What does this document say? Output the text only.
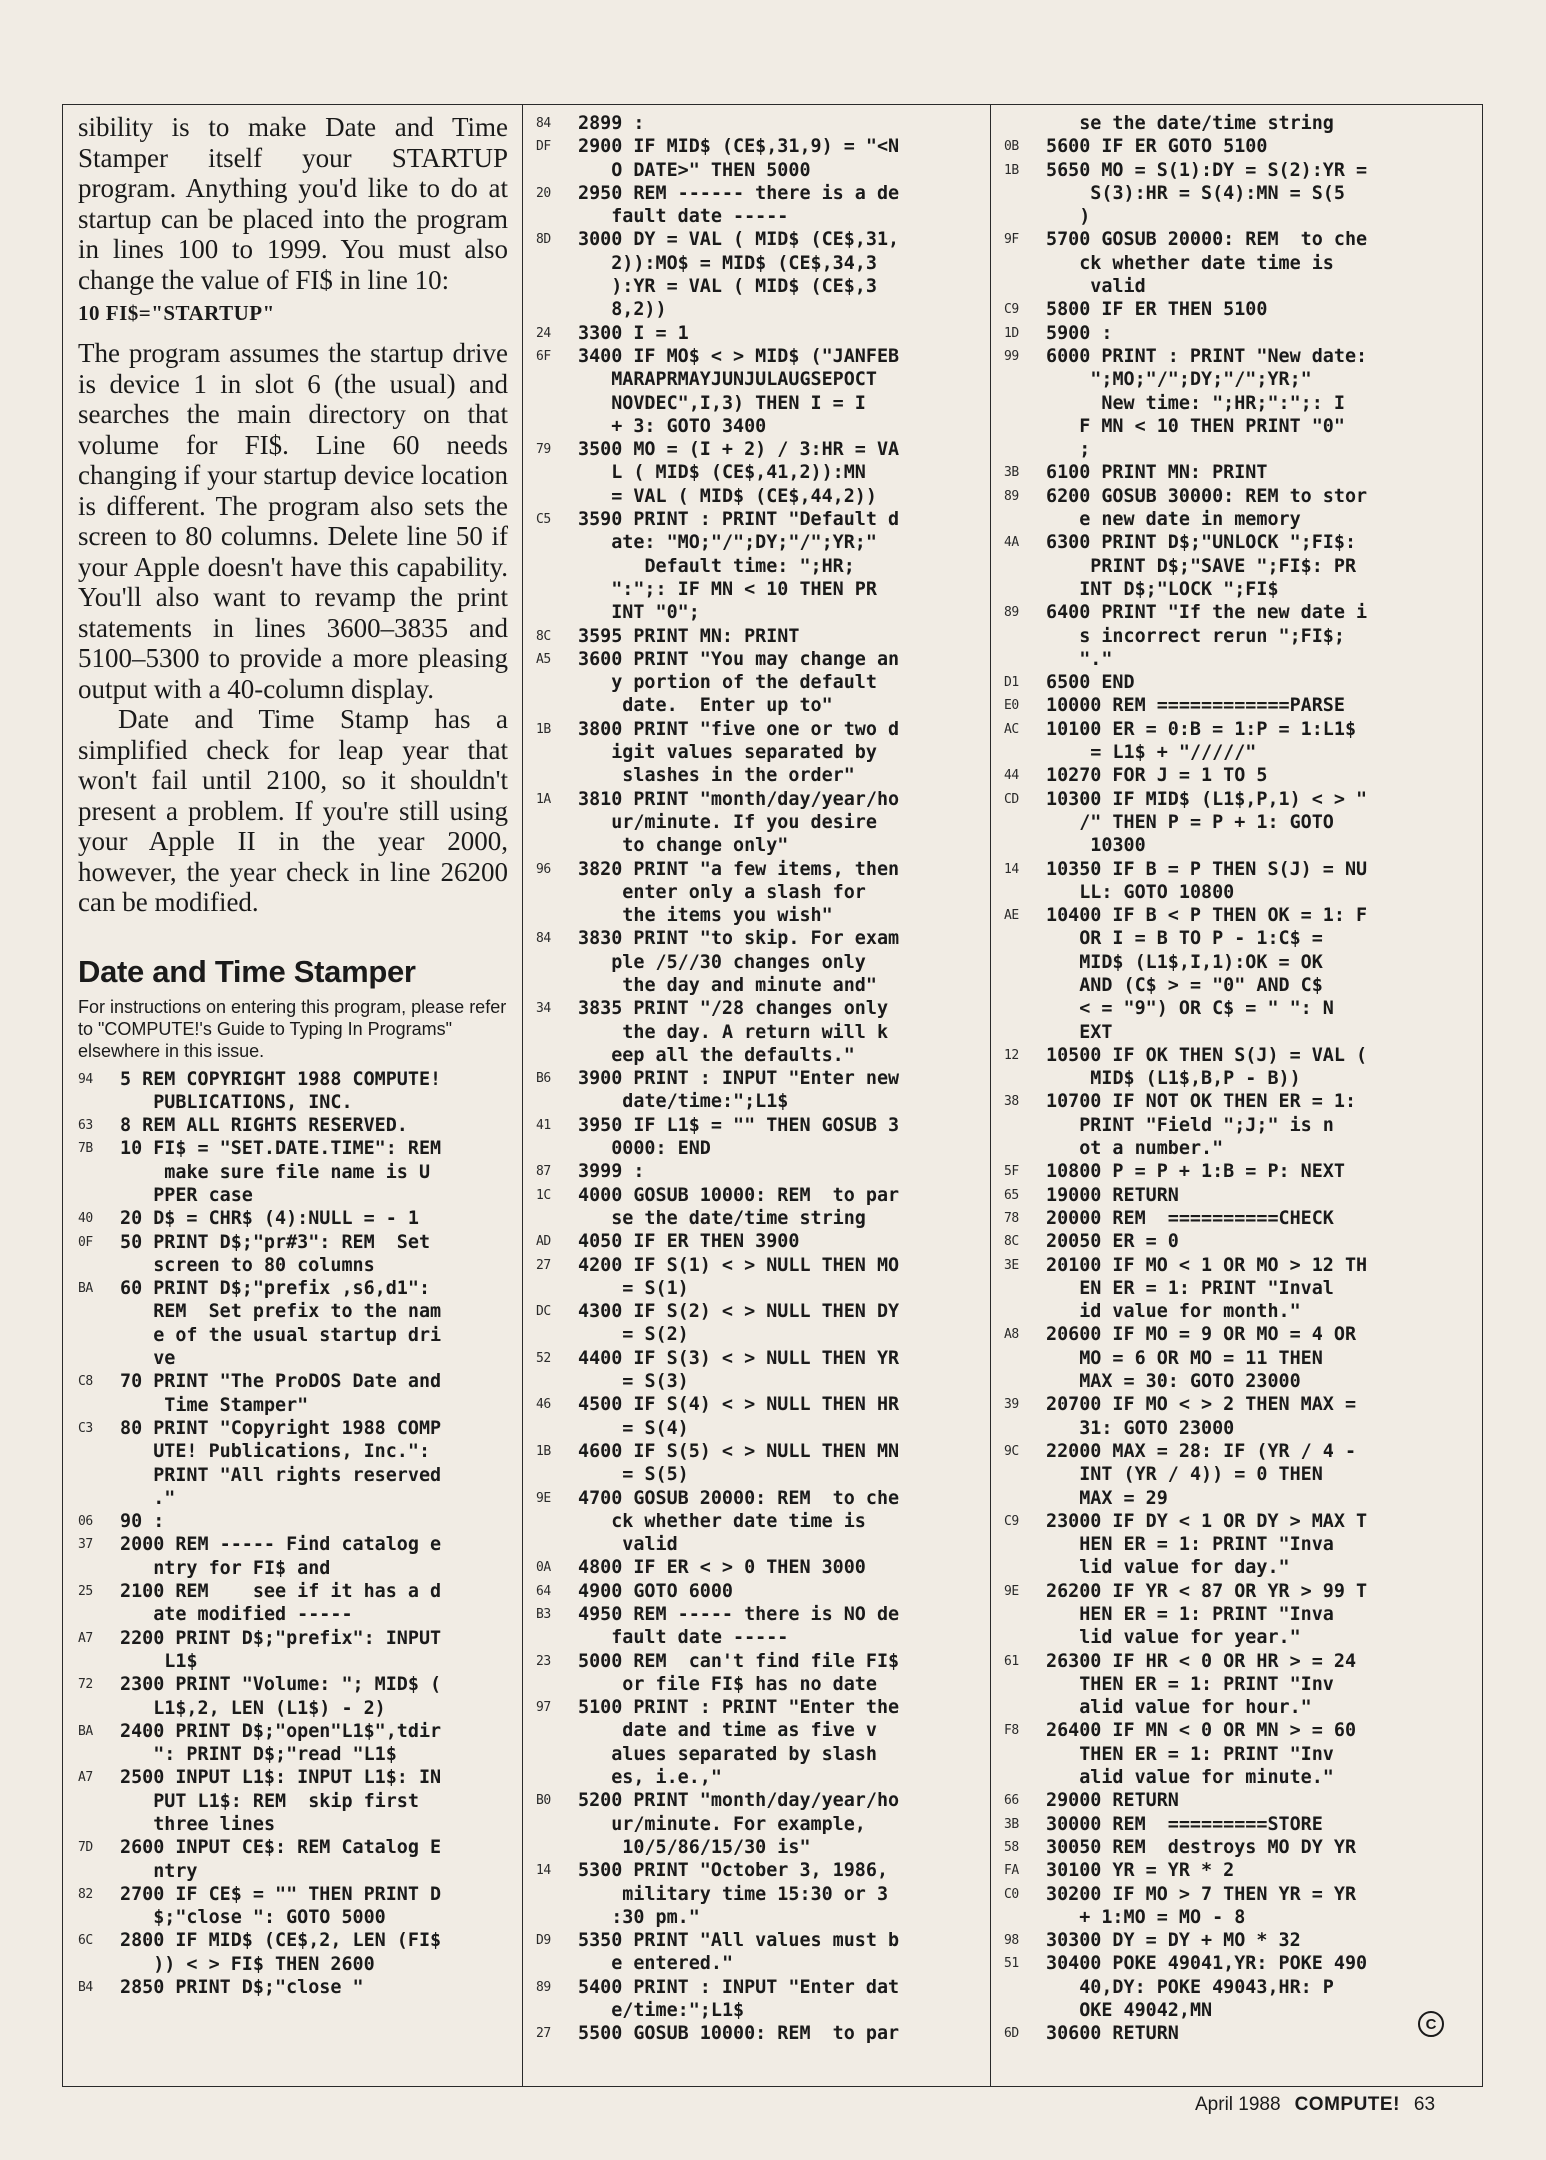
sibility is to make Date and Time Stamper itself your STARTUP program. Anything you'd like to do at startup can be placed into the program in lines 100 to 1999. You must also change the value of FI$ in line 10:

10 FI$="STARTUP"

The program assumes the startup drive is device 1 in slot 6 (the usual) and searches the main directory on that volume for FI$. Line 60 needs changing if your startup device location is different. The program also sets the screen to 80 columns. Delete line 50 if your Apple doesn't have this capability. You'll also want to revamp the print statements in lines 3600–3835 and 5100–5300 to provide a more pleasing output with a 40-column display.

Date and Time Stamp has a simplified check for leap year that won't fail until 2100, so it shouldn't present a problem. If you're still using your Apple II in the year 2000, however, the year check in line 26200 can be modified.

Date and Time Stamper
For instructions on entering this program, please refer to "COMPUTE!'s Guide to Typing In Programs" elsewhere in this issue.
94 5 REM COPYRIGHT 1988 COMPUTE!
PUBLICATIONS, INC.
63 8 REM ALL RIGHTS RESERVED.
7B 10 FI$ = "SET.DATE.TIME": REM
make sure file name is U
PPER case
40 20 D$ = CHR$ (4):NULL = - 1
0F 50 PRINT D$;"pr#3": REM  Set
screen to 80 columns
BA 60 PRINT D$;"prefix ,s6,d1":
REM  Set prefix to the nam
e of the usual startup dri
ve
C8 70 PRINT "The ProDOS Date and
Time Stamper"
C3 80 PRINT "Copyright 1988 COMP
UTE! Publications, Inc.":
PRINT "All rights reserved
."
06 90 :
37 2000 REM ----- Find catalog e
ntry for FI$ and
25 2100 REM    see if it has a d
ate modified -----
A7 2200 PRINT D$;"prefix": INPUT
L1$
72 2300 PRINT "Volume: "; MID$ (
L1$,2, LEN (L1$) - 2)
BA 2400 PRINT D$;"open"L1$",tdir
": PRINT D$;"read "L1$
A7 2500 INPUT L1$: INPUT L1$: IN
PUT L1$: REM  skip first
three lines
7D 2600 INPUT CE$: REM Catalog E
ntry
82 2700 IF CE$ = "" THEN PRINT D
$;"close ": GOTO 5000
6C 2800 IF MID$ (CE$,2, LEN (FI$
)) < > FI$ THEN 2600
B4 2850 PRINT D$;"close "
84 2899 :
DF 2900 IF MID$ (CE$,31,9) = "<N
O DATE>" THEN 5000
20 2950 REM ------ there is a de
fault date -----
8D 3000 DY = VAL ( MID$ (CE$,31,
2)):MO$ = MID$ (CE$,34,3
):YR = VAL ( MID$ (CE$,3
8,2))
24 3300 I = 1
6F 3400 IF MO$ < > MID$ ("JANFEB
MARAPRMAYJUNJULAUGSEPOCT
NOVDEC",I,3) THEN I = I
+ 3: GOTO 3400
79 3500 MO = (I + 2) / 3:HR = VA
L ( MID$ (CE$,41,2)):MN
= VAL ( MID$ (CE$,44,2))
C5 3590 PRINT : PRINT "Default d
ate: "MO;"/";DY;"/";YR;"
Default time: ";HR;
":";: IF MN < 10 THEN PR
INT "0";
8C 3595 PRINT MN: PRINT
A5 3600 PRINT "You may change an
y portion of the default
date.  Enter up to"
1B 3800 PRINT "five one or two d
igit values separated by
slashes in the order"
1A 3810 PRINT "month/day/year/ho
ur/minute. If you desire
to change only"
96 3820 PRINT "a few items, then
enter only a slash for
the items you wish"
84 3830 PRINT "to skip. For exam
ple /5//30 changes only
the day and minute and"
34 3835 PRINT "/28 changes only
the day. A return will k
eep all the defaults."
B6 3900 PRINT : INPUT "Enter new
date/time:";L1$
41 3950 IF L1$ = "" THEN GOSUB 3
0000: END
87 3999 :
1C 4000 GOSUB 10000: REM  to par
se the date/time string
AD 4050 IF ER THEN 3900
27 4200 IF S(1) < > NULL THEN MO
= S(1)
DC 4300 IF S(2) < > NULL THEN DY
= S(2)
52 4400 IF S(3) < > NULL THEN YR
= S(3)
46 4500 IF S(4) < > NULL THEN HR
= S(4)
1B 4600 IF S(5) < > NULL THEN MN
= S(5)
9E 4700 GOSUB 20000: REM  to che
ck whether date time is
valid
0A 4800 IF ER < > 0 THEN 3000
64 4900 GOTO 6000
B3 4950 REM ----- there is NO de
fault date -----
23 5000 REM  can't find file FI$
or file FI$ has no date
97 5100 PRINT : PRINT "Enter the
date and time as five v
alues separated by slash
es, i.e.,"
B0 5200 PRINT "month/day/year/ho
ur/minute. For example,
10/5/86/15/30 is"
14 5300 PRINT "October 3, 1986,
military time 15:30 or 3
:30 pm."
D9 5350 PRINT "All values must b
e entered."
89 5400 PRINT : INPUT "Enter dat
e/time:";L1$
27 5500 GOSUB 10000: REM  to par
se the date/time string
0B 5600 IF ER GOTO 5100
1B 5650 MO = S(1):DY = S(2):YR =
S(3):HR = S(4):MN = S(5
)
9F 5700 GOSUB 20000: REM  to che
ck whether date time is
valid
C9 5800 IF ER THEN 5100
1D 5900 :
99 6000 PRINT : PRINT "New date:
";MO;"/";DY;"/";YR;"
New time: ";HR;":";: I
F MN < 10 THEN PRINT "0"
;
3B 6100 PRINT MN: PRINT
89 6200 GOSUB 30000: REM to stor
e new date in memory
4A 6300 PRINT D$;"UNLOCK ";FI$:
PRINT D$;"SAVE ";FI$: PR
INT D$;"LOCK ";FI$
89 6400 PRINT "If the new date i
s incorrect rerun ";FI$;
"."
D1 6500 END
E0 10000 REM ============PARSE
AC 10100 ER = 0:B = 1:P = 1:L1$
= L1$ + "/////"
44 10270 FOR J = 1 TO 5
CD 10300 IF MID$ (L1$,P,1) < > "
/" THEN P = P + 1: GOTO
10300
14 10350 IF B = P THEN S(J) = NU
LL: GOTO 10800
AE 10400 IF B < P THEN OK = 1: F
OR I = B TO P - 1:C$ =
MID$ (L1$,I,1):OK = OK
AND (C$ > = "0" AND C$
< = "9") OR C$ = " ": N
EXT
12 10500 IF OK THEN S(J) = VAL (
MID$ (L1$,B,P - B))
38 10700 IF NOT OK THEN ER = 1:
PRINT "Field ";J;" is n
ot a number."
5F 10800 P = P + 1:B = P: NEXT
65 19000 RETURN
78 20000 REM  ==========CHECK
8C 20050 ER = 0
3E 20100 IF MO < 1 OR MO > 12 TH
EN ER = 1: PRINT "Inval
id value for month."
A8 20600 IF MO = 9 OR MO = 4 OR
MO = 6 OR MO = 11 THEN
MAX = 30: GOTO 23000
39 20700 IF MO < > 2 THEN MAX =
31: GOTO 23000
9C 22000 MAX = 28: IF (YR / 4 -
INT (YR / 4)) = 0 THEN
MAX = 29
C9 23000 IF DY < 1 OR DY > MAX T
HEN ER = 1: PRINT "Inva
lid value for day."
9E 26200 IF YR < 87 OR YR > 99 T
HEN ER = 1: PRINT "Inva
lid value for year."
61 26300 IF HR < 0 OR HR > = 24
THEN ER = 1: PRINT "Inv
alid value for hour."
F8 26400 IF MN < 0 OR MN > = 60
THEN ER = 1: PRINT "Inv
alid value for minute."
66 29000 RETURN
3B 30000 REM  =========STORE
58 30050 REM  destroys MO DY YR
FA 30100 YR = YR * 2
C0 30200 IF MO > 7 THEN YR = YR
+ 1:MO = MO - 8
98 30300 DY = DY + MO * 32
51 30400 POKE 49041,YR: POKE 490
40,DY: POKE 49043,HR: P
OKE 49042,MN
6D 30600 RETURN	C
April 1988 COMPUTE! 63
